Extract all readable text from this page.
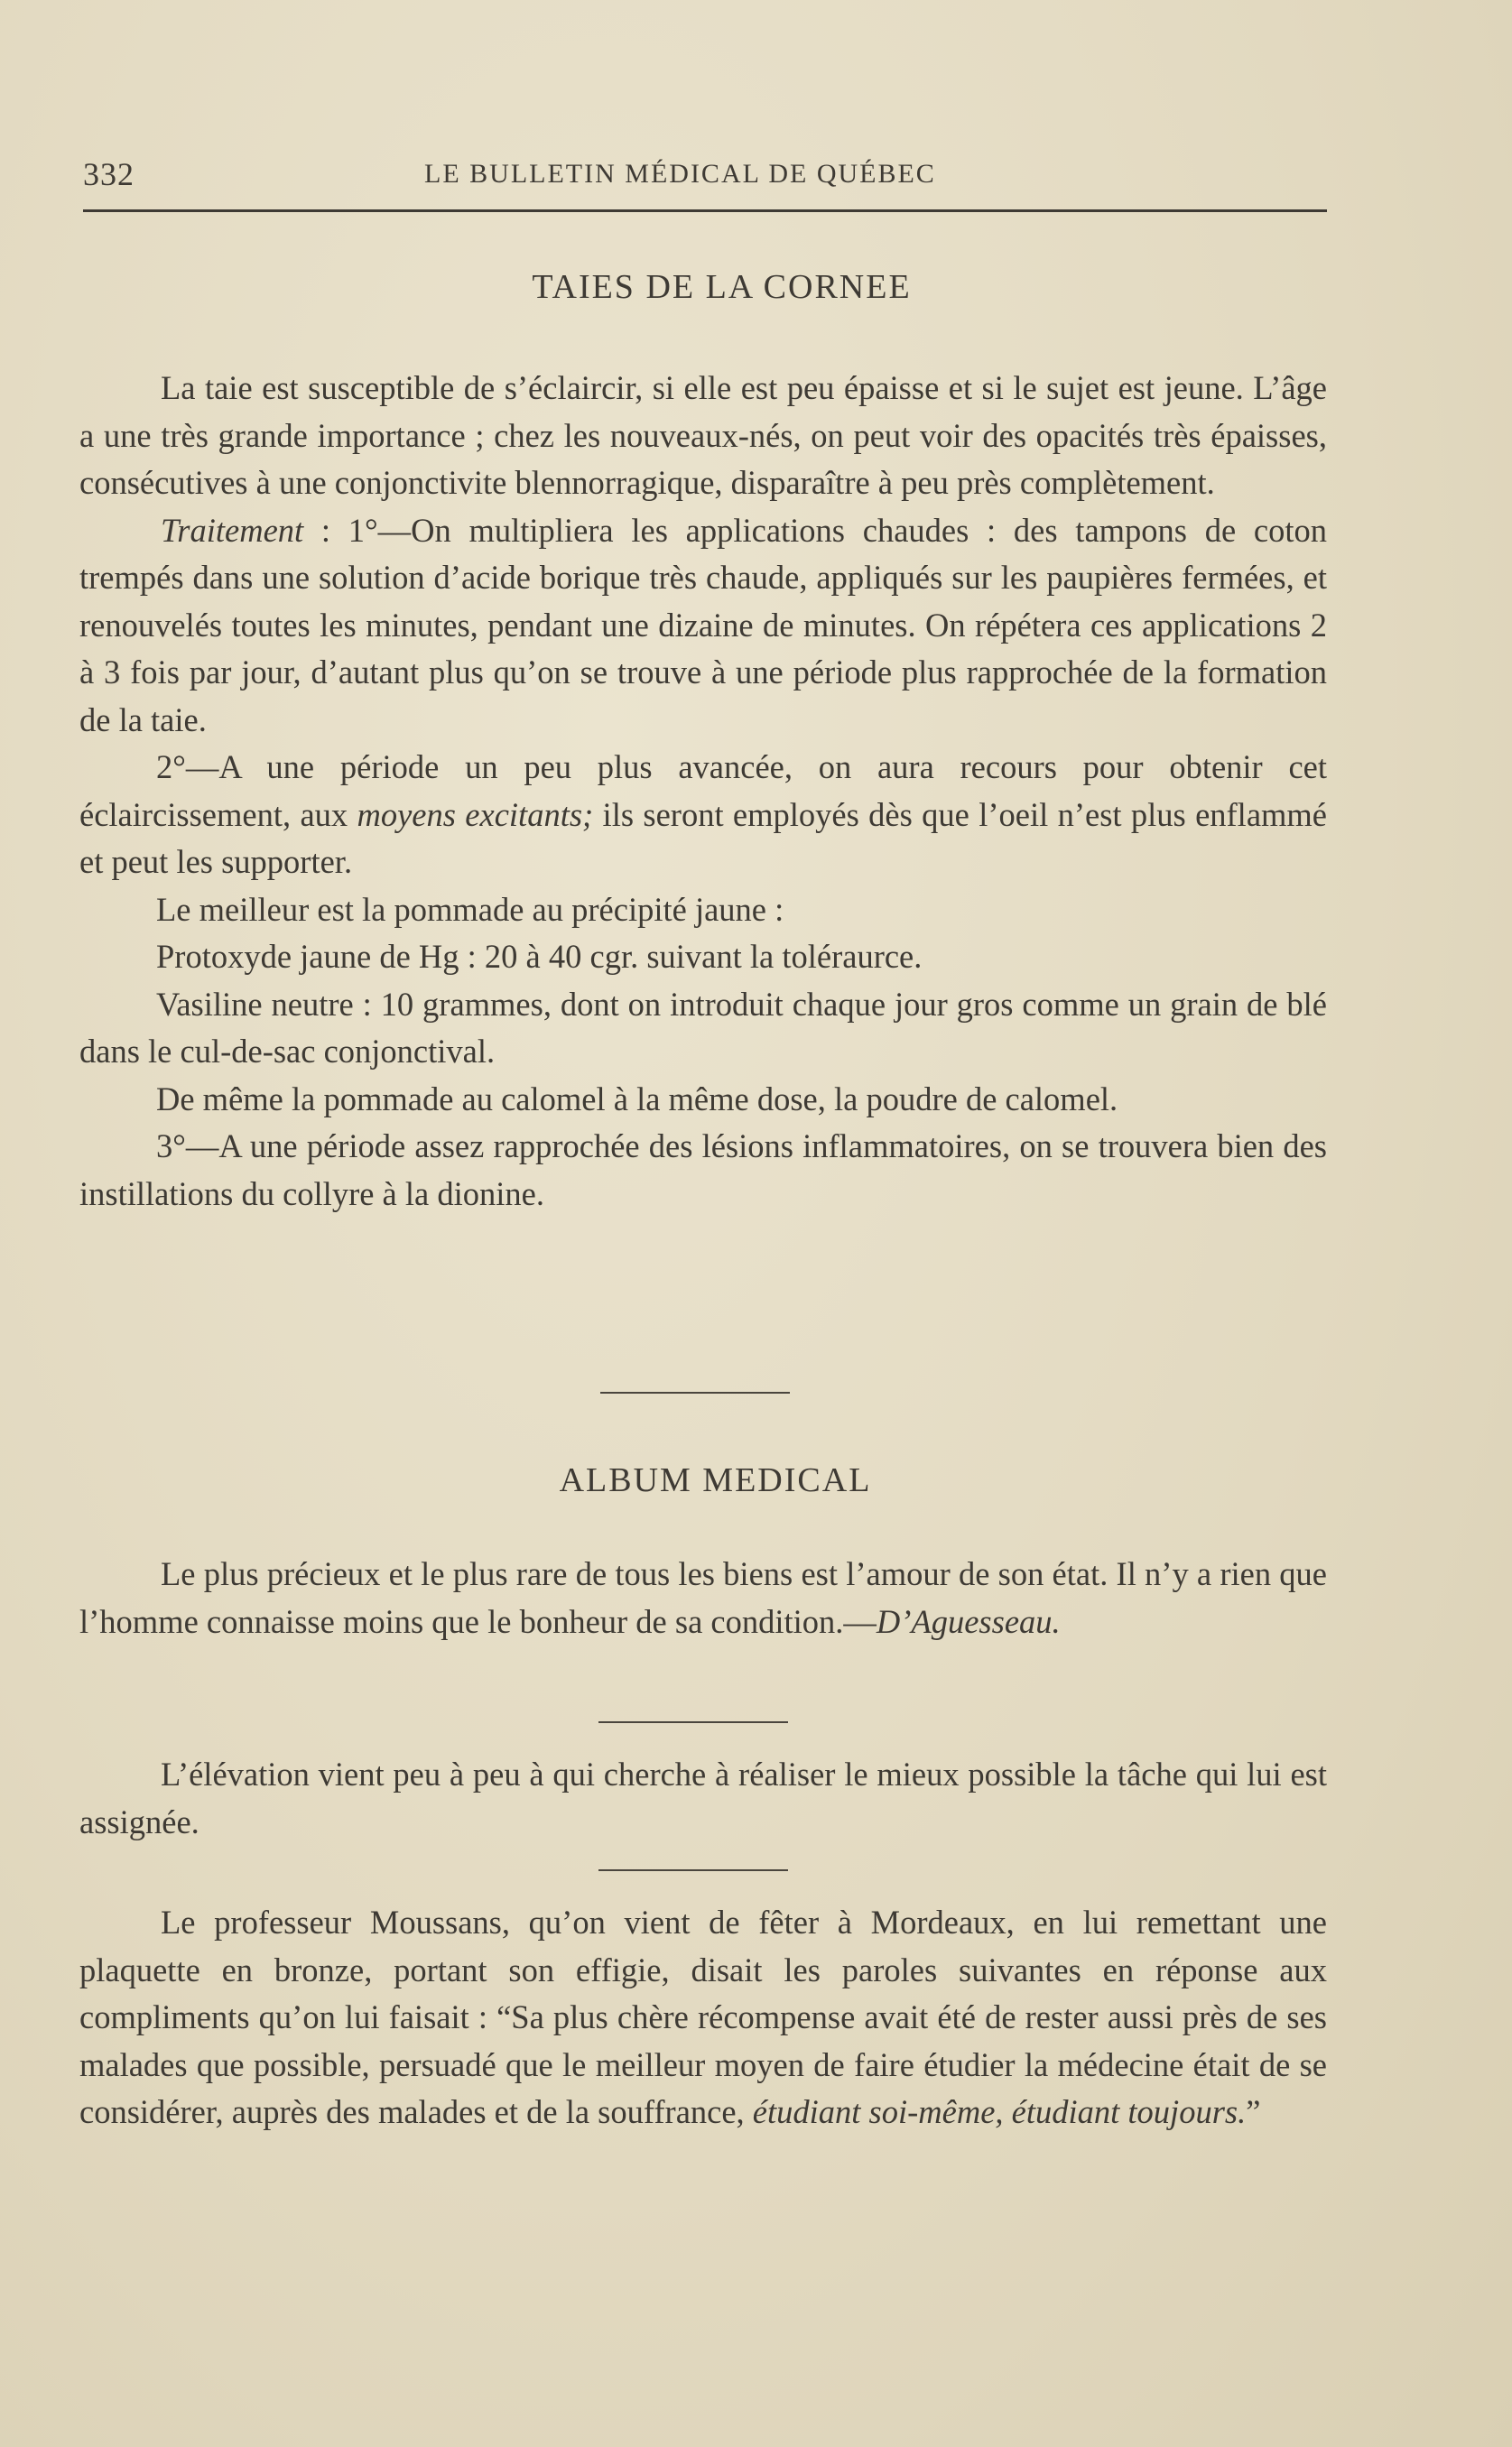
332	LE BULLETIN MÉDICAL DE QUÉBEC
TAIES DE LA CORNEE

La taie est susceptible de s’éclaircir, si elle est peu épaisse et si le sujet est jeune. L’âge a une très grande importance ; chez les nouveaux-nés, on peut voir des opacités très épaisses, consécutives à une conjonctivite blennorragique, disparaître à peu près complètement.

Traitement : 1°—On multipliera les applications chaudes : des tampons de coton trempés dans une solution d’acide borique très chaude, appliqués sur les paupières fermées, et renouvelés toutes les minutes, pendant une dizaine de minutes. On répétera ces applications 2 à 3 fois par jour, d’autant plus qu’on se trouve à une période plus rapprochée de la formation de la taie.

2°—A une période un peu plus avancée, on aura recours pour obtenir cet éclaircissement, aux moyens excitants; ils seront employés dès que l’oeil n’est plus enflammé et peut les supporter.

Le meilleur est la pommade au précipité jaune :

Protoxyde jaune de Hg : 20 à 40 cgr. suivant la toléraurce.

Vasiline neutre : 10 grammes, dont on introduit chaque jour gros comme un grain de blé dans le cul-de-sac conjonctival.

De même la pommade au calomel à la même dose, la poudre de calomel.

3°—A une période assez rapprochée des lésions inflammatoires, on se trouvera bien des instillations du collyre à la dionine.

ALBUM MEDICAL

Le plus précieux et le plus rare de tous les biens est l’amour de son état. Il n’y a rien que l’homme connaisse moins que le bonheur de sa condition.—D’Aguesseau.

L’élévation vient peu à peu à qui cherche à réaliser le mieux possible la tâche qui lui est assignée.

Le professeur Moussans, qu’on vient de fêter à Mordeaux, en lui remettant une plaquette en bronze, portant son effigie, disait les paroles suivantes en réponse aux compliments qu’on lui faisait : “Sa plus chère récompense avait été de rester aussi près de ses malades que possible, persuadé que le meilleur moyen de faire étudier la médecine était de se considérer, auprès des malades et de la souffrance, étudiant soi-même, étudiant toujours.”
